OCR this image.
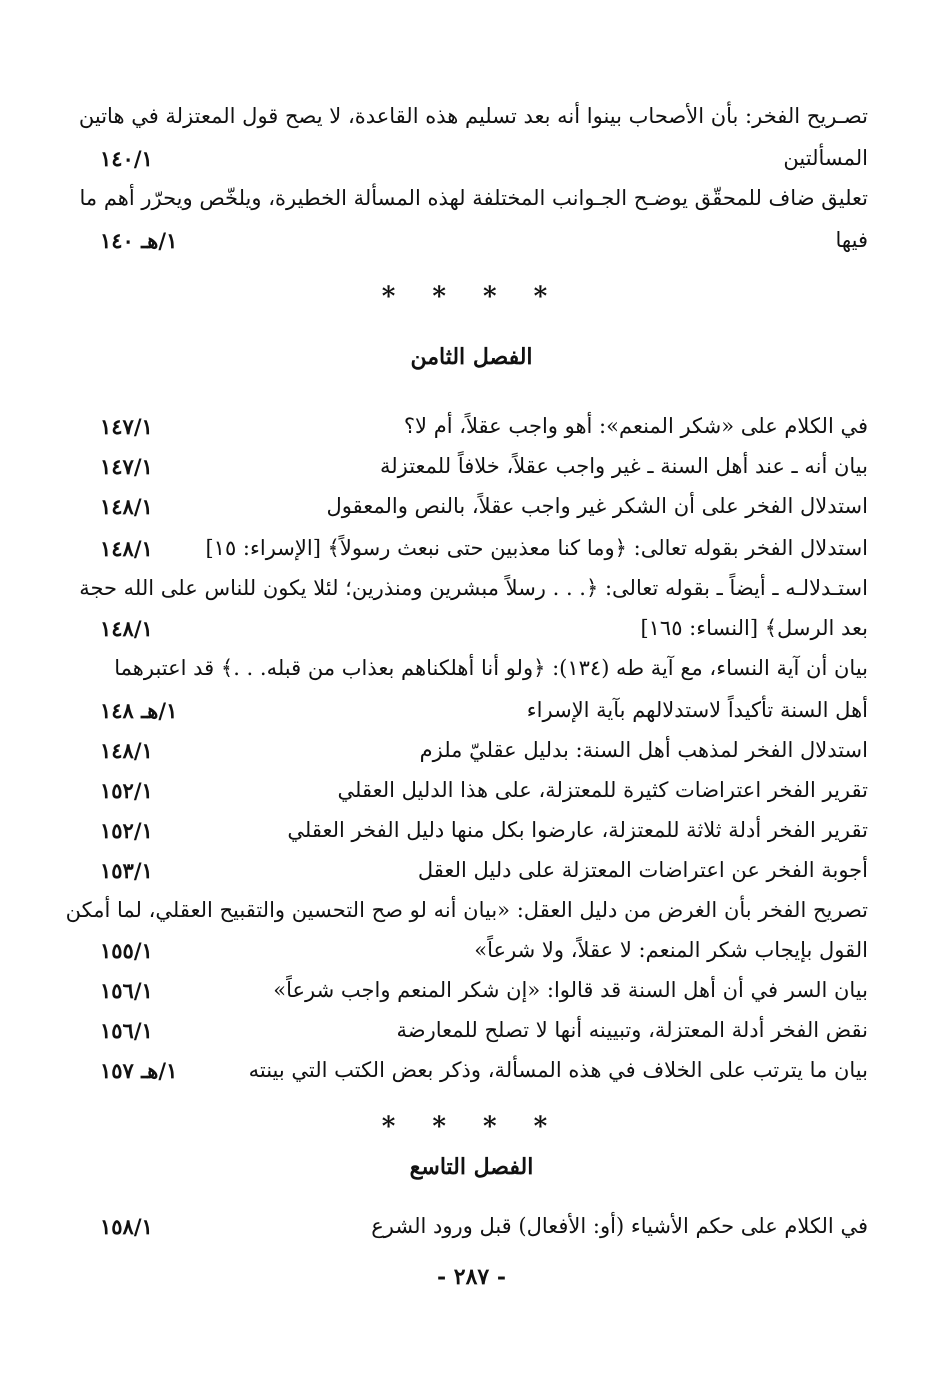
تصـريح الفخر: بأن الأصحاب بينوا أنه بعد تسليم هذه القاعدة، لا يصح قول المعتزلة في هاتين
المسألتين
١٤٠/١
تعليق ضاف للمحقّق يوضـح الجـوانب المختلفة لهذه المسألة الخطيرة، ويلخّص ويحرّر أهم ما
فيها
١/هـ ١٤٠
* * * *
الفصل الثامن
في الكلام على «شكر المنعم»: أهو واجب عقلاً، أم لا؟
١٤٧/١
بيان أنه ـ عند أهل السنة ـ غير واجب عقلاً، خلافاً للمعتزلة
١٤٧/١
استدلال الفخر على أن الشكر غير واجب عقلاً، بالنص والمعقول
١٤٨/١
استدلال الفخر بقوله تعالى: ﴿وما كنا معذبين حتى نبعث رسولاً﴾ [الإسراء: ١٥]
١٤٨/١
استـدلالـه ـ أيضاً ـ بقوله تعالى: ﴿. . . رسلاً مبشرين ومنذرين؛ لئلا يكون للناس على الله حجة
بعد الرسل﴾ [النساء: ١٦٥]
١٤٨/١
بيان أن آية النساء، مع آية طه (١٣٤): ﴿ولو أنا أهلكناهم بعذاب من قبله. . .﴾ قد اعتبرهما
أهل السنة تأكيداً لاستدلالهم بآية الإسراء
١/هـ ١٤٨
استدلال الفخر لمذهب أهل السنة: بدليل عقليّ ملزم
١٤٨/١
تقرير الفخر اعتراضات كثيرة للمعتزلة، على هذا الدليل العقلي
١٥٢/١
تقرير الفخر أدلة ثلاثة للمعتزلة، عارضوا بكل منها دليل الفخر العقلي
١٥٢/١
أجوبة الفخر عن اعتراضات المعتزلة على دليل العقل
١٥٣/١
تصريح الفخر بأن الغرض من دليل العقل: «بيان أنه لو صح التحسين والتقبيح العقلي، لما أمكن
القول بإيجاب شكر المنعم: لا عقلاً، ولا شرعاً»
١٥٥/١
بيان السر في أن أهل السنة قد قالوا: «إن شكر المنعم واجب شرعاً»
١٥٦/١
نقض الفخر أدلة المعتزلة، وتبيينه أنها لا تصلح للمعارضة
١٥٦/١
بيان ما يترتب على الخلاف في هذه المسألة، وذكر بعض الكتب التي بينته
١/هـ ١٥٧
* * * *
الفصل التاسع
في الكلام على حكم الأشياء (أو: الأفعال) قبل ورود الشرع
١٥٨/١
- ٢٨٧ -
